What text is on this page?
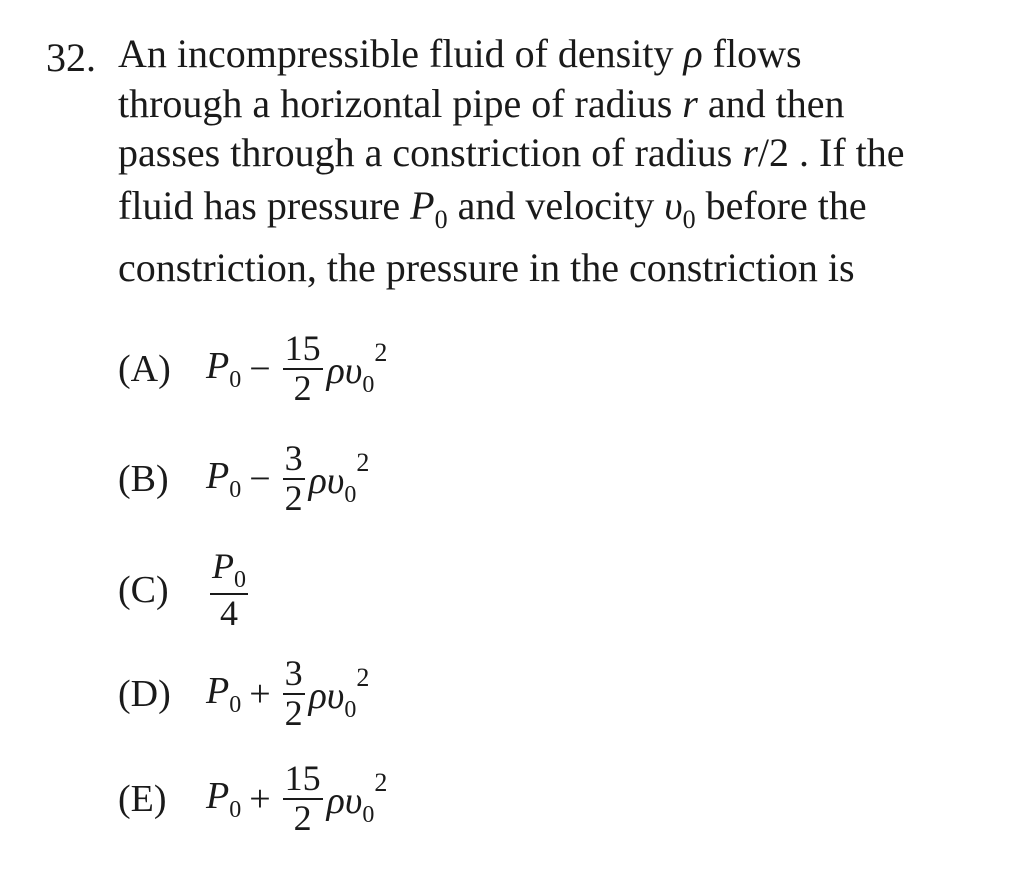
32. An incompressible fluid of density ρ flows
through a horizontal pipe of radius r and then
passes through a constriction of radius r/2 . If the
fluid has pressure $P_0$ and velocity $\upsilon_0$ before the
constriction, the pressure in the constriction is
(A) $P_0 - \frac{15}{2} \rho\upsilon_0^2$
(B) $P_0 - \frac{3}{2} \rho\upsilon_0^2$
(C)	$\frac{P_0}{4}$
(D) $P_0 + \frac{3}{2} \rho\upsilon_0^2$
(E)	$P_0 + \frac{15}{2} \rho\upsilon_0^2$
